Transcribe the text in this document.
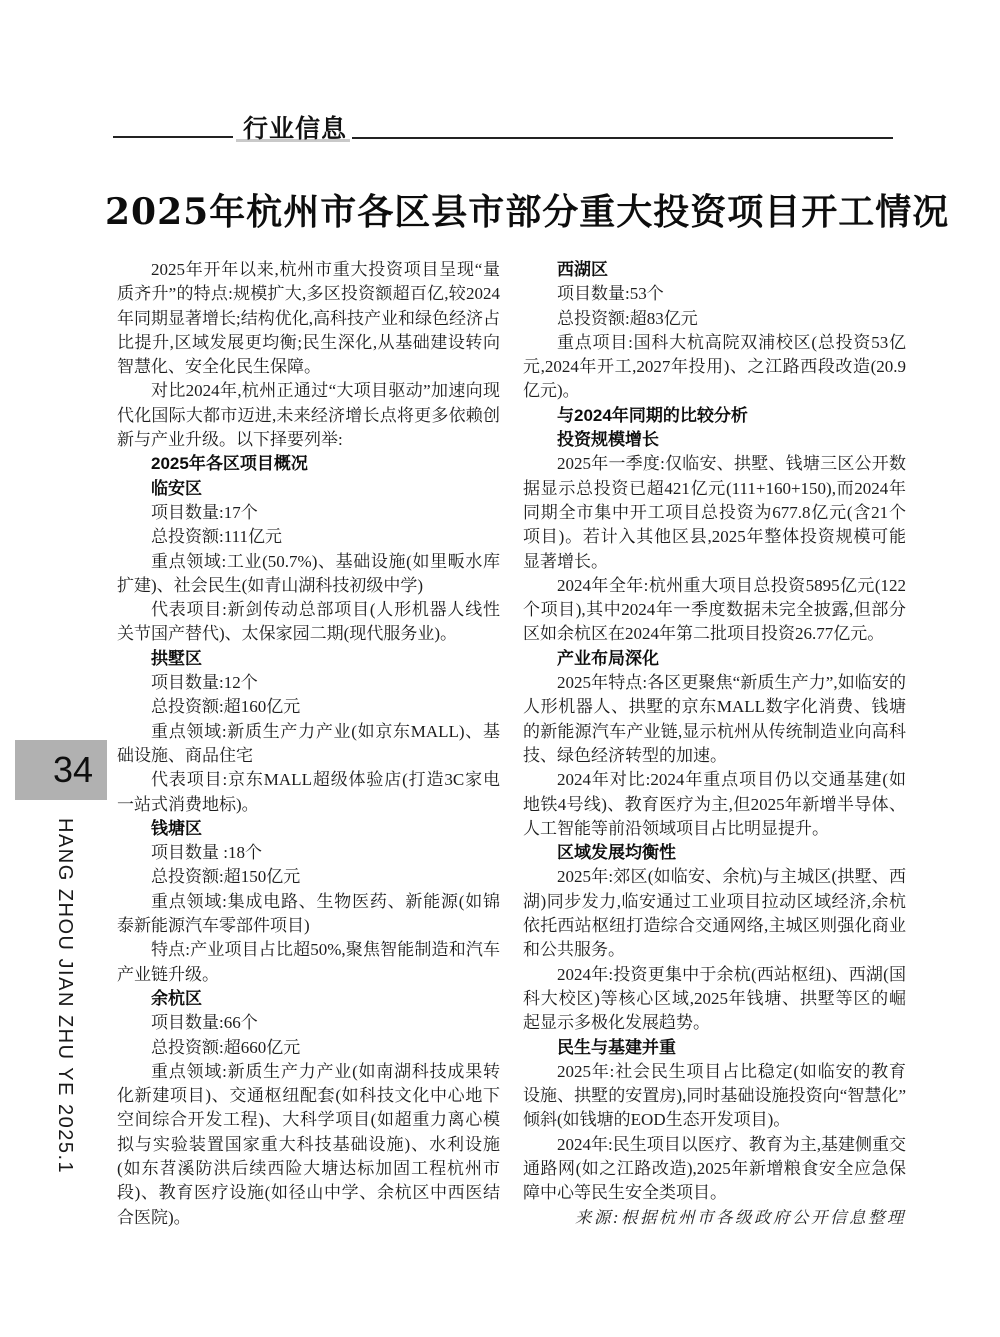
行业信息
2025年杭州市各区县市部分重大投资项目开工情况

2025年开年以来,杭州市重大投资项目呈现“量质齐升”的特点:规模扩大,多区投资额超百亿,较2024年同期显著增长;结构优化,高科技产业和绿色经济占比提升,区域发展更均衡;民生深化,从基础建设转向智慧化、安全化民生保障。

对比2024年,杭州正通过“大项目驱动”加速向现代化国际大都市迈进,未来经济增长点将更多依赖创新与产业升级。以下择要列举:

2025年各区项目概况
临安区

项目数量:17个

总投资额:111亿元

重点领域:工业(50.7%)、基础设施(如里畈水库扩建)、社会民生(如青山湖科技初级中学)

代表项目:新剑传动总部项目(人形机器人线性关节国产替代)、太保家园二期(现代服务业)。

拱墅区

项目数量:12个

总投资额:超160亿元

重点领域:新质生产力产业(如京东MALL)、基础设施、商品住宅

代表项目:京东MALL超级体验店(打造3C家电一站式消费地标)。

钱塘区

项目数量 :18个

总投资额:超150亿元

重点领域:集成电路、生物医药、新能源(如锦泰新能源汽车零部件项目)

特点:产业项目占比超50%,聚焦智能制造和汽车产业链升级。

余杭区

项目数量:66个

总投资额:超660亿元

重点领域:新质生产力产业(如南湖科技成果转化新建项目)、交通枢纽配套(如科技文化中心地下空间综合开发工程)、大科学项目(如超重力离心模拟与实验装置国家重大科技基础设施)、水利设施(如东苕溪防洪后续西险大塘达标加固工程杭州市段)、教育医疗设施(如径山中学、余杭区中西医结合医院)。

西湖区

项目数量:53个

总投资额:超83亿元

重点项目:国科大杭高院双浦校区(总投资53亿元,2024年开工,2027年投用)、之江路西段改造(20.9亿元)。

与2024年同期的比较分析
投资规模增长

2025年一季度:仅临安、拱墅、钱塘三区公开数据显示总投资已超421亿元(111+160+150),而2024年同期全市集中开工项目总投资为677.8亿元(含21个项目)。若计入其他区县,2025年整体投资规模可能显著增长。

2024年全年:杭州重大项目总投资5895亿元(122个项目),其中2024年一季度数据未完全披露,但部分区如余杭区在2024年第二批项目投资26.77亿元。

产业布局深化

2025年特点:各区更聚焦“新质生产力”,如临安的人形机器人、拱墅的京东MALL数字化消费、钱塘的新能源汽车产业链,显示杭州从传统制造业向高科技、绿色经济转型的加速。

2024年对比:2024年重点项目仍以交通基建(如地铁4号线)、教育医疗为主,但2025年新增半导体、人工智能等前沿领域项目占比明显提升。

区域发展均衡性

2025年:郊区(如临安、余杭)与主城区(拱墅、西湖)同步发力,临安通过工业项目拉动区域经济,余杭依托西站枢纽打造综合交通网络,主城区则强化商业和公共服务。

2024年:投资更集中于余杭(西站枢纽)、西湖(国科大校区)等核心区域,2025年钱塘、拱墅等区的崛起显示多极化发展趋势。

民生与基建并重

2025年:社会民生项目占比稳定(如临安的教育设施、拱墅的安置房),同时基础设施投资向“智慧化”倾斜(如钱塘的EOD生态开发项目)。

2024年:民生项目以医疗、教育为主,基建侧重交通路网(如之江路改造),2025年新增粮食安全应急保障中心等民生安全类项目。

来源:根据杭州市各级政府公开信息整理

34
HANG ZHOU JIAN ZHU YE 2025.1
